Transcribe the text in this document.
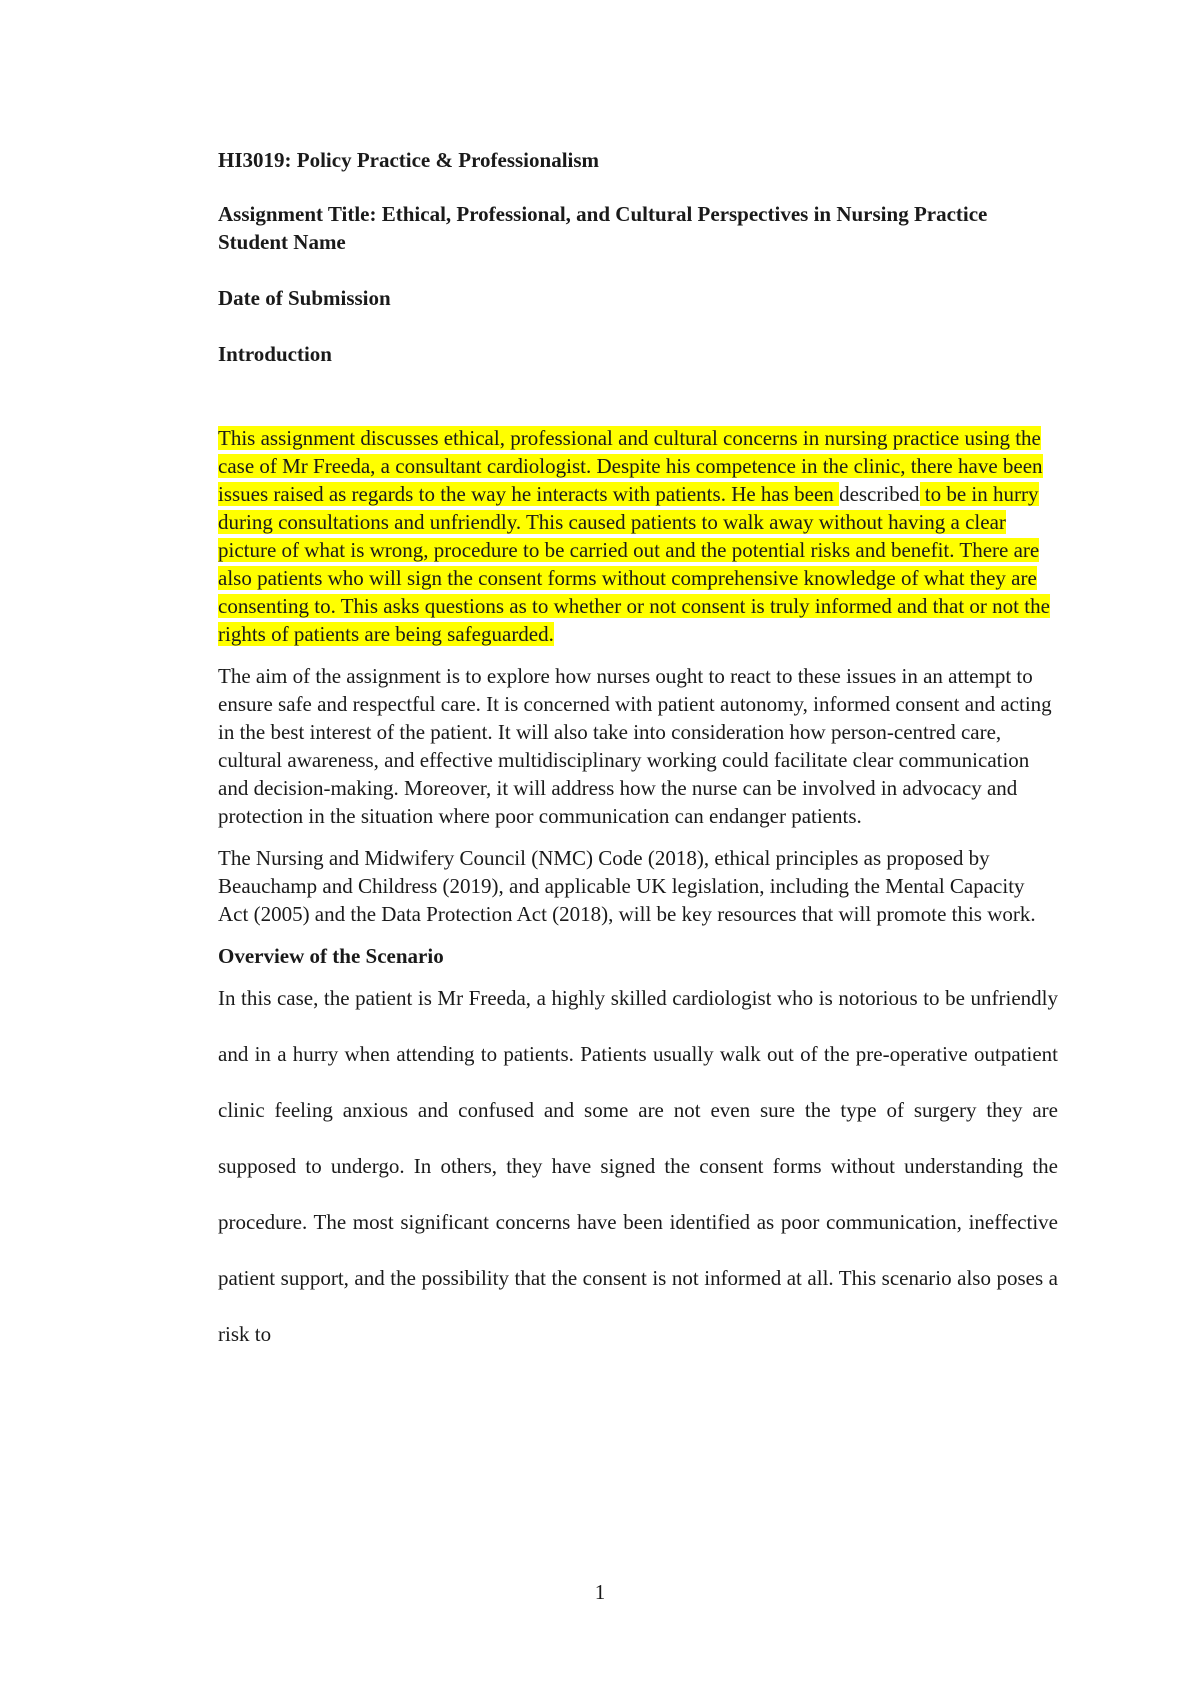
HI3019: Policy Practice & Professionalism

Assignment Title: Ethical, Professional, and Cultural Perspectives in Nursing Practice

Student Name

Date of Submission

Introduction

This assignment discusses ethical, professional and cultural concerns in nursing practice using the case of Mr Freeda, a consultant cardiologist. Despite his competence in the clinic, there have been issues raised as regards to the way he interacts with patients. He has been described to be in hurry during consultations and unfriendly. This caused patients to walk away without having a clear picture of what is wrong, procedure to be carried out and the potential risks and benefit. There are also patients who will sign the consent forms without comprehensive knowledge of what they are consenting to. This asks questions as to whether or not consent is truly informed and that or not the rights of patients are being safeguarded.

The aim of the assignment is to explore how nurses ought to react to these issues in an attempt to ensure safe and respectful care. It is concerned with patient autonomy, informed consent and acting in the best interest of the patient. It will also take into consideration how person-centred care, cultural awareness, and effective multidisciplinary working could facilitate clear communication and decision-making. Moreover, it will address how the nurse can be involved in advocacy and protection in the situation where poor communication can endanger patients.

The Nursing and Midwifery Council (NMC) Code (2018), ethical principles as proposed by Beauchamp and Childress (2019), and applicable UK legislation, including the Mental Capacity Act (2005) and the Data Protection Act (2018), will be key resources that will promote this work.

Overview of the Scenario

In this case, the patient is Mr Freeda, a highly skilled cardiologist who is notorious to be unfriendly and in a hurry when attending to patients. Patients usually walk out of the pre-operative outpatient clinic feeling anxious and confused and some are not even sure the type of surgery they are supposed to undergo. In others, they have signed the consent forms without understanding the procedure. The most significant concerns have been identified as poor communication, ineffective patient support, and the possibility that the consent is not informed at all. This scenario also poses a risk to

1
